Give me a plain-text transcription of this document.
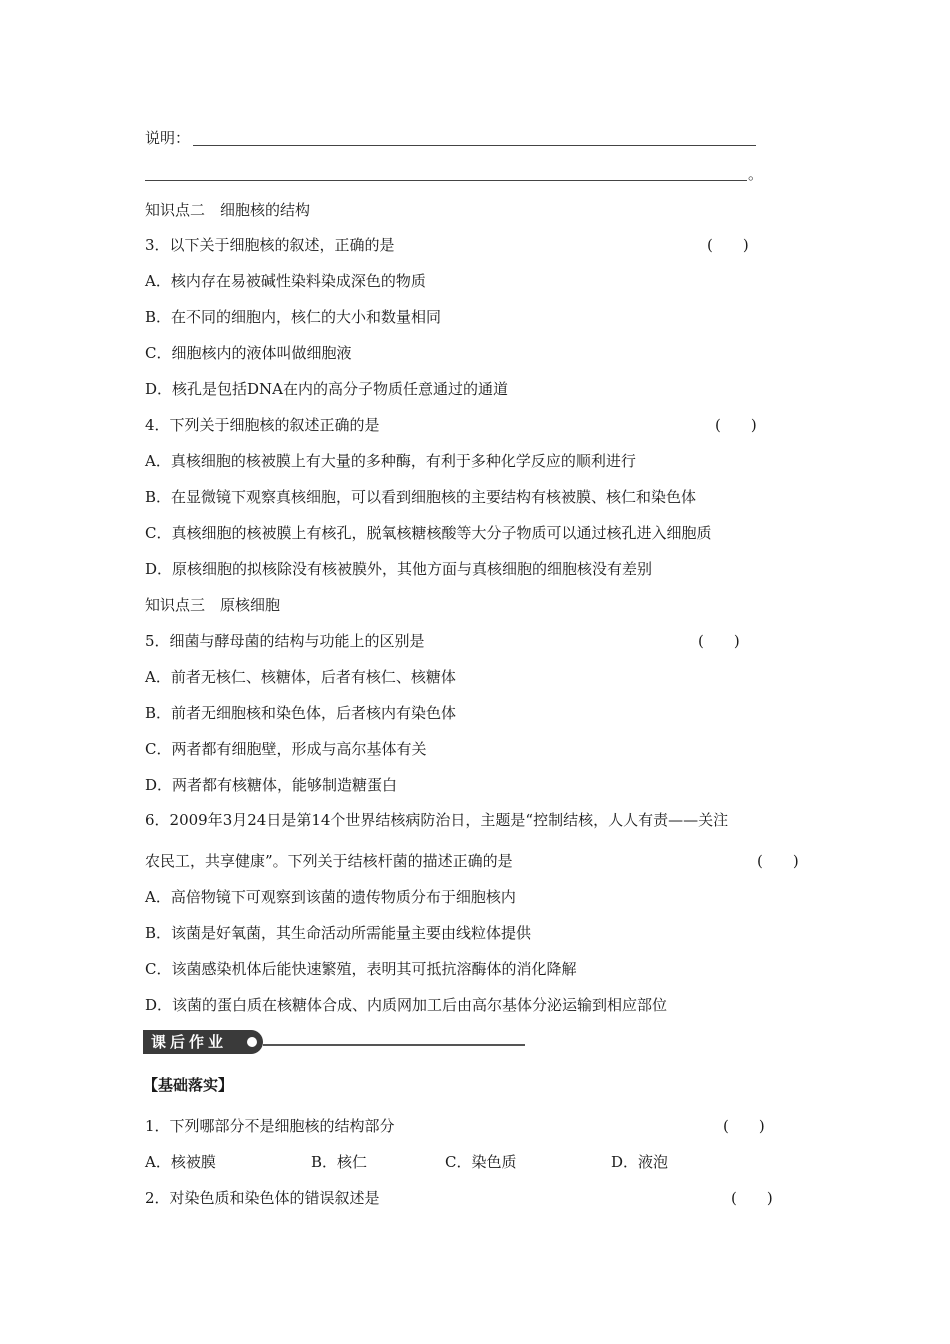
说明：
。
知识点二　细胞核的结构
3．以下关于细胞核的叙述，正确的是	(　　)
A．核内存在易被碱性染料染成深色的物质
B．在不同的细胞内，核仁的大小和数量相同
C．细胞核内的液体叫做细胞液
D．核孔是包括DNA在内的高分子物质任意通过的通道
4．下列关于细胞核的叙述正确的是	(　　)
A．真核细胞的核被膜上有大量的多种酶，有利于多种化学反应的顺利进行
B．在显微镜下观察真核细胞，可以看到细胞核的主要结构有核被膜、核仁和染色体
C．真核细胞的核被膜上有核孔，脱氧核糖核酸等大分子物质可以通过核孔进入细胞质
D．原核细胞的拟核除没有核被膜外，其他方面与真核细胞的细胞核没有差别
知识点三　原核细胞
5．细菌与酵母菌的结构与功能上的区别是	(　　)
A．前者无核仁、核糖体，后者有核仁、核糖体
B．前者无细胞核和染色体，后者核内有染色体
C．两者都有细胞壁，形成与高尔基体有关
D．两者都有核糖体，能够制造糖蛋白
6．2009年3月24日是第14个世界结核病防治日，主题是“控制结核，人人有责——关注
农民工，共享健康”。下列关于结核杆菌的描述正确的是	(　　)
A．高倍物镜下可观察到该菌的遗传物质分布于细胞核内
B．该菌是好氧菌，其生命活动所需能量主要由线粒体提供
C．该菌感染机体后能快速繁殖，表明其可抵抗溶酶体的消化降解
D．该菌的蛋白质在核糖体合成、内质网加工后由高尔基体分泌运输到相应部位
课后作业
【基础落实】
1．下列哪部分不是细胞核的结构部分	(　　)
A．核被膜	B．核仁	C．染色质	D．液泡
2．对染色质和染色体的错误叙述是	(　　)
